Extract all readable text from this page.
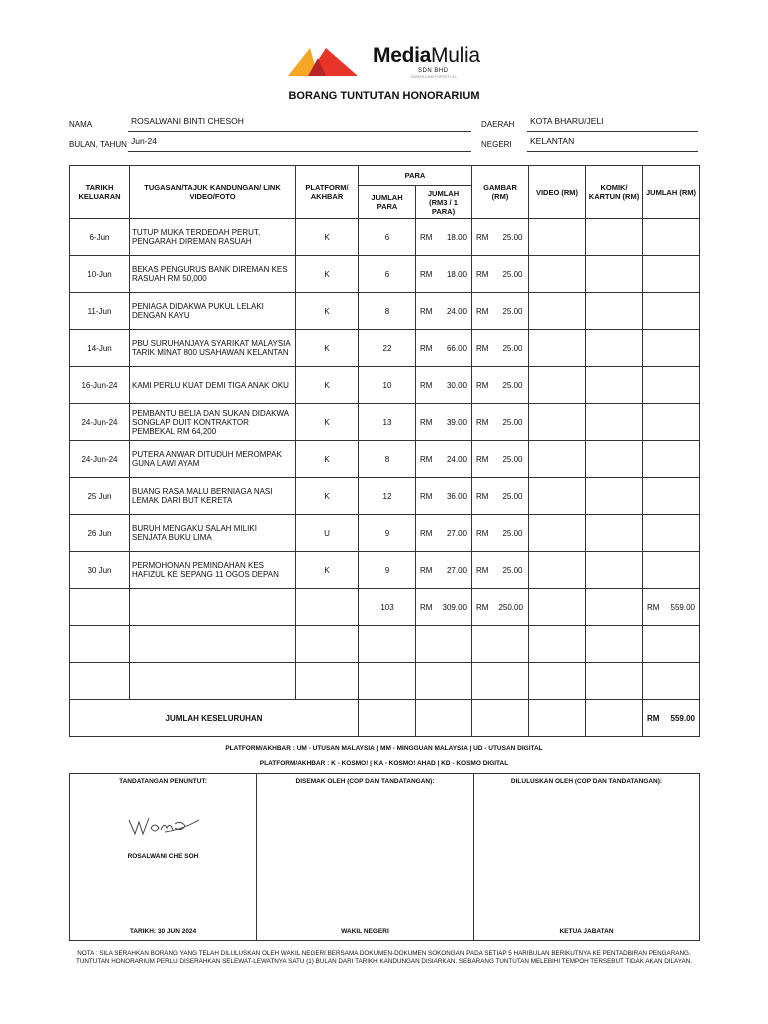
MediaMulia
SDN BHD
SATAPS IONG FORESTT A L
BORANG TUNTUTAN HONORARIUM
NAMA	ROSALWANI BINTI CHESOH
BULAN, TAHUN Jun-24
DAERAH KOTA BHARU/JELI
NEGERI KELANTAN
TARIKH KELUARAN	TUGASAN/TAJUK KANDUNGAN/ LINK VIDEO/FOTO	PLATFORM/ AKHBAR	PARA		GAMBAR (RM)	VIDEO (RM)	KOMIK/ KARTUN (RM)	JUMLAH (RM)
			JUMLAH PARA	JUMLAH (RM3 / 1 PARA)				
6-Jun	TUTUP MUKA TERDEDAH PERUT, PENGARAH DIREMAN RASUAH	K	6	RM 18.00	RM 25.00			

10-Jun	BEKAS PENGURUS BANK DIREMAN KES RASUAH RM 50,000	K	6	RM 18.00	RM 25.00			

11-Jun	PENIAGA DIDAKWA PUKUL LELAKI DENGAN KAYU	K	8	RM 24.00	RM 25.00			

14-Jun	PBU SURUHANJAYA SYARIKAT MALAYSIA TARIK MINAT 800 USAHAWAN KELANTAN	K	22	RM 66.00	RM 25.00			

16-Jun-24	KAMI PERLU KUAT DEMI TIGA ANAK OKU	K	10	RM 30.00	RM 25.00			

24-Jun-24	PEMBANTU BELIA DAN SUKAN DIDAKWA SONGLAP DUIT KONTRAKTOR PEMBEKAL RM 64,200	K	13	RM 39.00	RM 25.00			

24-Jun-24	PUTERA ANWAR DITUDUH MEROMPAK GUNA LAWI AYAM	K	8	RM 24.00	RM 25.00			

25 Jun	BUANG RASA MALU BERNIAGA NASI LEMAK DARI BUT KERETA	K	12	RM 36.00	RM 25.00			

26 Jun	BURUH MENGAKU SALAH MILIKI SENJATA BUKU LIMA	U	9	RM 27.00	RM 25.00			

30 Jun	PERMOHONAN PEMINDAHAN KES HAFIZUL KE SEPANG 11 OGOS DEPAN	K	9	RM 27.00	RM 25.00			

			103	RM 309.00	RM 250.00			RM 559.00

JUMLAH KESELURUHAN								RM 559.00
PLATFORM/AKHBAR : UM - UTUSAN MALAYSIA | MM - MINGGUAN MALAYSIA | UD - UTUSAN DIGITAL
PLATFORM/AKHBAR : K - KOSMO! | KA - KOSMO! AHAD | KD - KOSMO DIGITAL
TANDATANGAN PENUNTUT:
ROSALWANI CHE SOH
TARIKH: 30 JUN 2024

DISEMAK OLEH (COP DAN TANDATANGAN):
WAKIL NEGERI

DILULUSKAN OLEH (COP DAN TANDATANGAN):
KETUA JABATAN
NOTA : SILA SERAHKAN BORANG YANG TELAH DILULUSKAN OLEH WAKIL NEGERI BERSAMA DOKUMEN-DOKUMEN SOKONGAN PADA SETIAP 5 HARIBULAN BERIKUTNYA KE PENTADBIRAN PENGARANG. TUNTUTAN HONORARIUM PERLU DISERAHKAN SELEWAT-LEWATNYA SATU (1) BULAN DARI TARIKH KANDUNGAN DISIARKAN. SEBARANG TUNTUTAN MELEBIHI TEMPOH TERSEBUT TIDAK AKAN DILAYAN.
